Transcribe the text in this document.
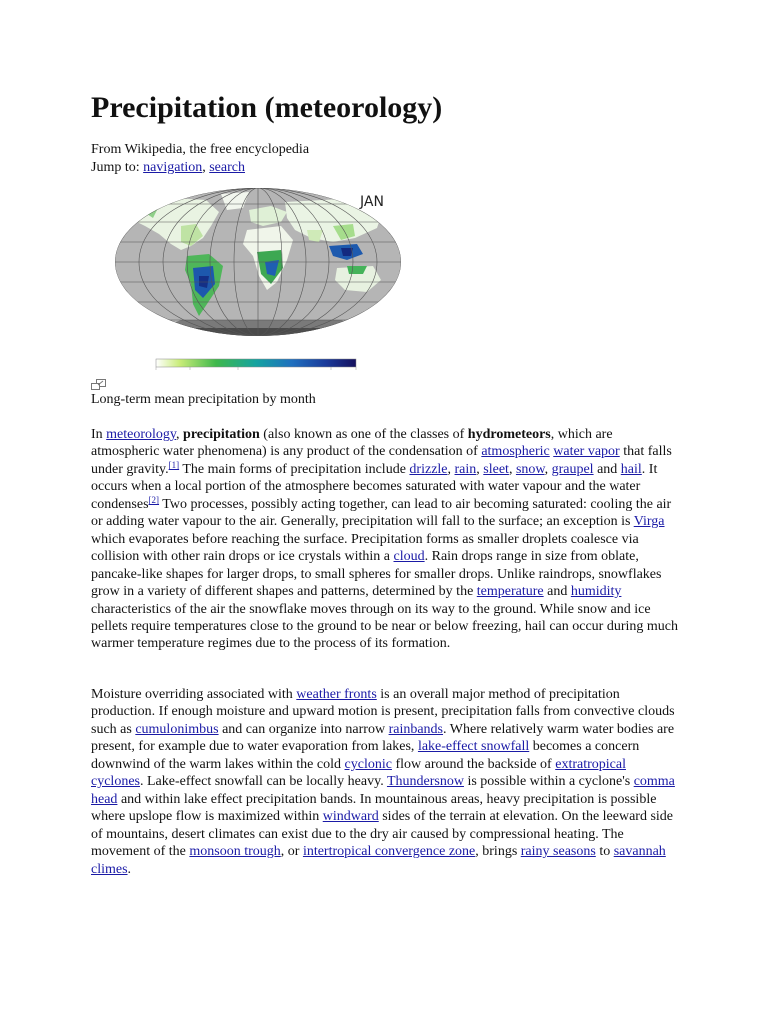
Precipitation (meteorology)
From Wikipedia, the free encyclopedia
Jump to: navigation, search
JAN
Long-term mean precipitation by month

In meteorology, precipitation (also known as one of the classes of hydrometeors, which are atmospheric water phenomena) is any product of the condensation of atmospheric water vapor that falls under gravity.[1] The main forms of precipitation include drizzle, rain, sleet, snow, graupel and hail. It occurs when a local portion of the atmosphere becomes saturated with water vapour and the water condenses[2] Two processes, possibly acting together, can lead to air becoming saturated: cooling the air or adding water vapour to the air. Generally, precipitation will fall to the surface; an exception is Virga which evaporates before reaching the surface. Precipitation forms as smaller droplets coalesce via collision with other rain drops or ice crystals within a cloud. Rain drops range in size from oblate, pancake-like shapes for larger drops, to small spheres for smaller drops. Unlike raindrops, snowflakes grow in a variety of different shapes and patterns, determined by the temperature and humidity characteristics of the air the snowflake moves through on its way to the ground. While snow and ice pellets require temperatures close to the ground to be near or below freezing, hail can occur during much warmer temperature regimes due to the process of its formation.

Moisture overriding associated with weather fronts is an overall major method of precipitation production. If enough moisture and upward motion is present, precipitation falls from convective clouds such as cumulonimbus and can organize into narrow rainbands. Where relatively warm water bodies are present, for example due to water evaporation from lakes, lake-effect snowfall becomes a concern downwind of the warm lakes within the cold cyclonic flow around the backside of extratropical cyclones. Lake-effect snowfall can be locally heavy. Thundersnow is possible within a cyclone's comma head and within lake effect precipitation bands. In mountainous areas, heavy precipitation is possible where upslope flow is maximized within windward sides of the terrain at elevation. On the leeward side of mountains, desert climates can exist due to the dry air caused by compressional heating. The movement of the monsoon trough, or intertropical convergence zone, brings rainy seasons to savannah climes.
